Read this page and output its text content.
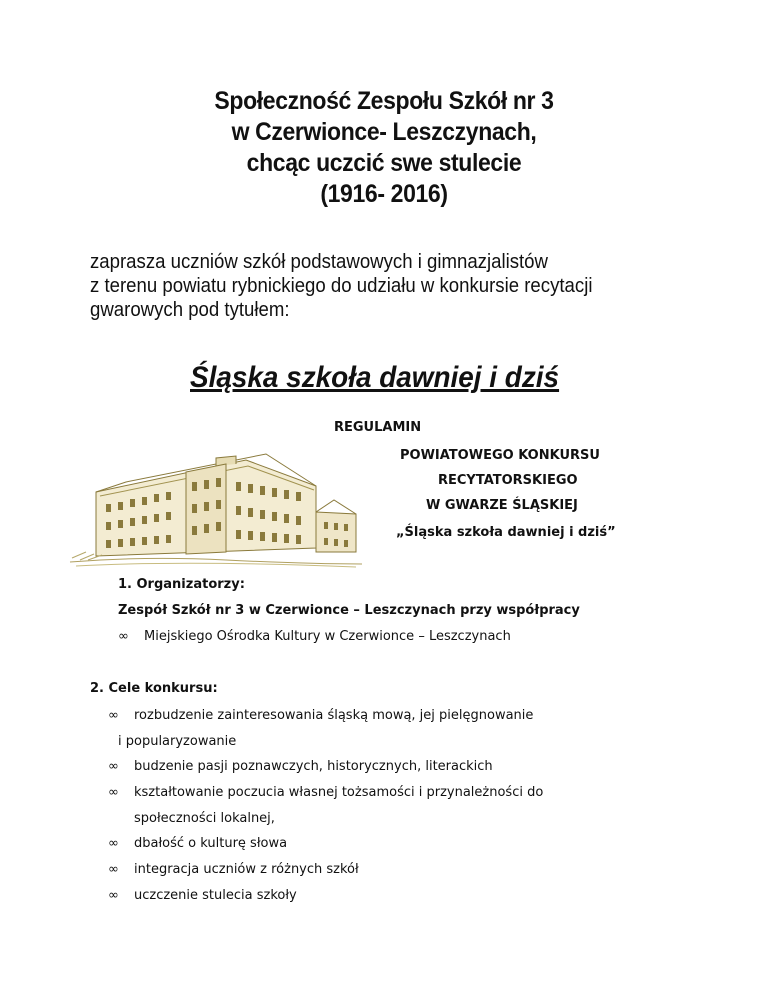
Społeczność Zespołu Szkół nr 3
w Czerwionce- Leszczynach,
chcąc uczcić swe stulecie
(1916- 2016)
zaprasza uczniów szkół podstawowych i gimnazjalistów
z terenu powiatu rybnickiego do udziału w konkursie recytacji
gwarowych pod tytułem:
Śląska szkoła dawniej i dziś
REGULAMIN
POWIATOWEGO KONKURSU
RECYTATORSKIEGO
W GWARZE ŚLĄSKIEJ
„Śląska szkoła dawniej i dziś”
1. Organizatorzy:
Zespół Szkół nr 3 w Czerwionce – Leszczynach przy współpracy
∞ Miejskiego Ośrodka Kultury w Czerwionce – Leszczynach
2. Cele konkursu:
∞ rozbudzenie zainteresowania śląską mową, jej pielęgnowanie
i popularyzowanie
∞ budzenie pasji poznawczych, historycznych, literackich
∞ kształtowanie poczucia własnej tożsamości i przynależności do
społeczności lokalnej,
∞ dbałość o kulturę słowa
∞ integracja uczniów z różnych szkół
∞ uczczenie stulecia szkoły
